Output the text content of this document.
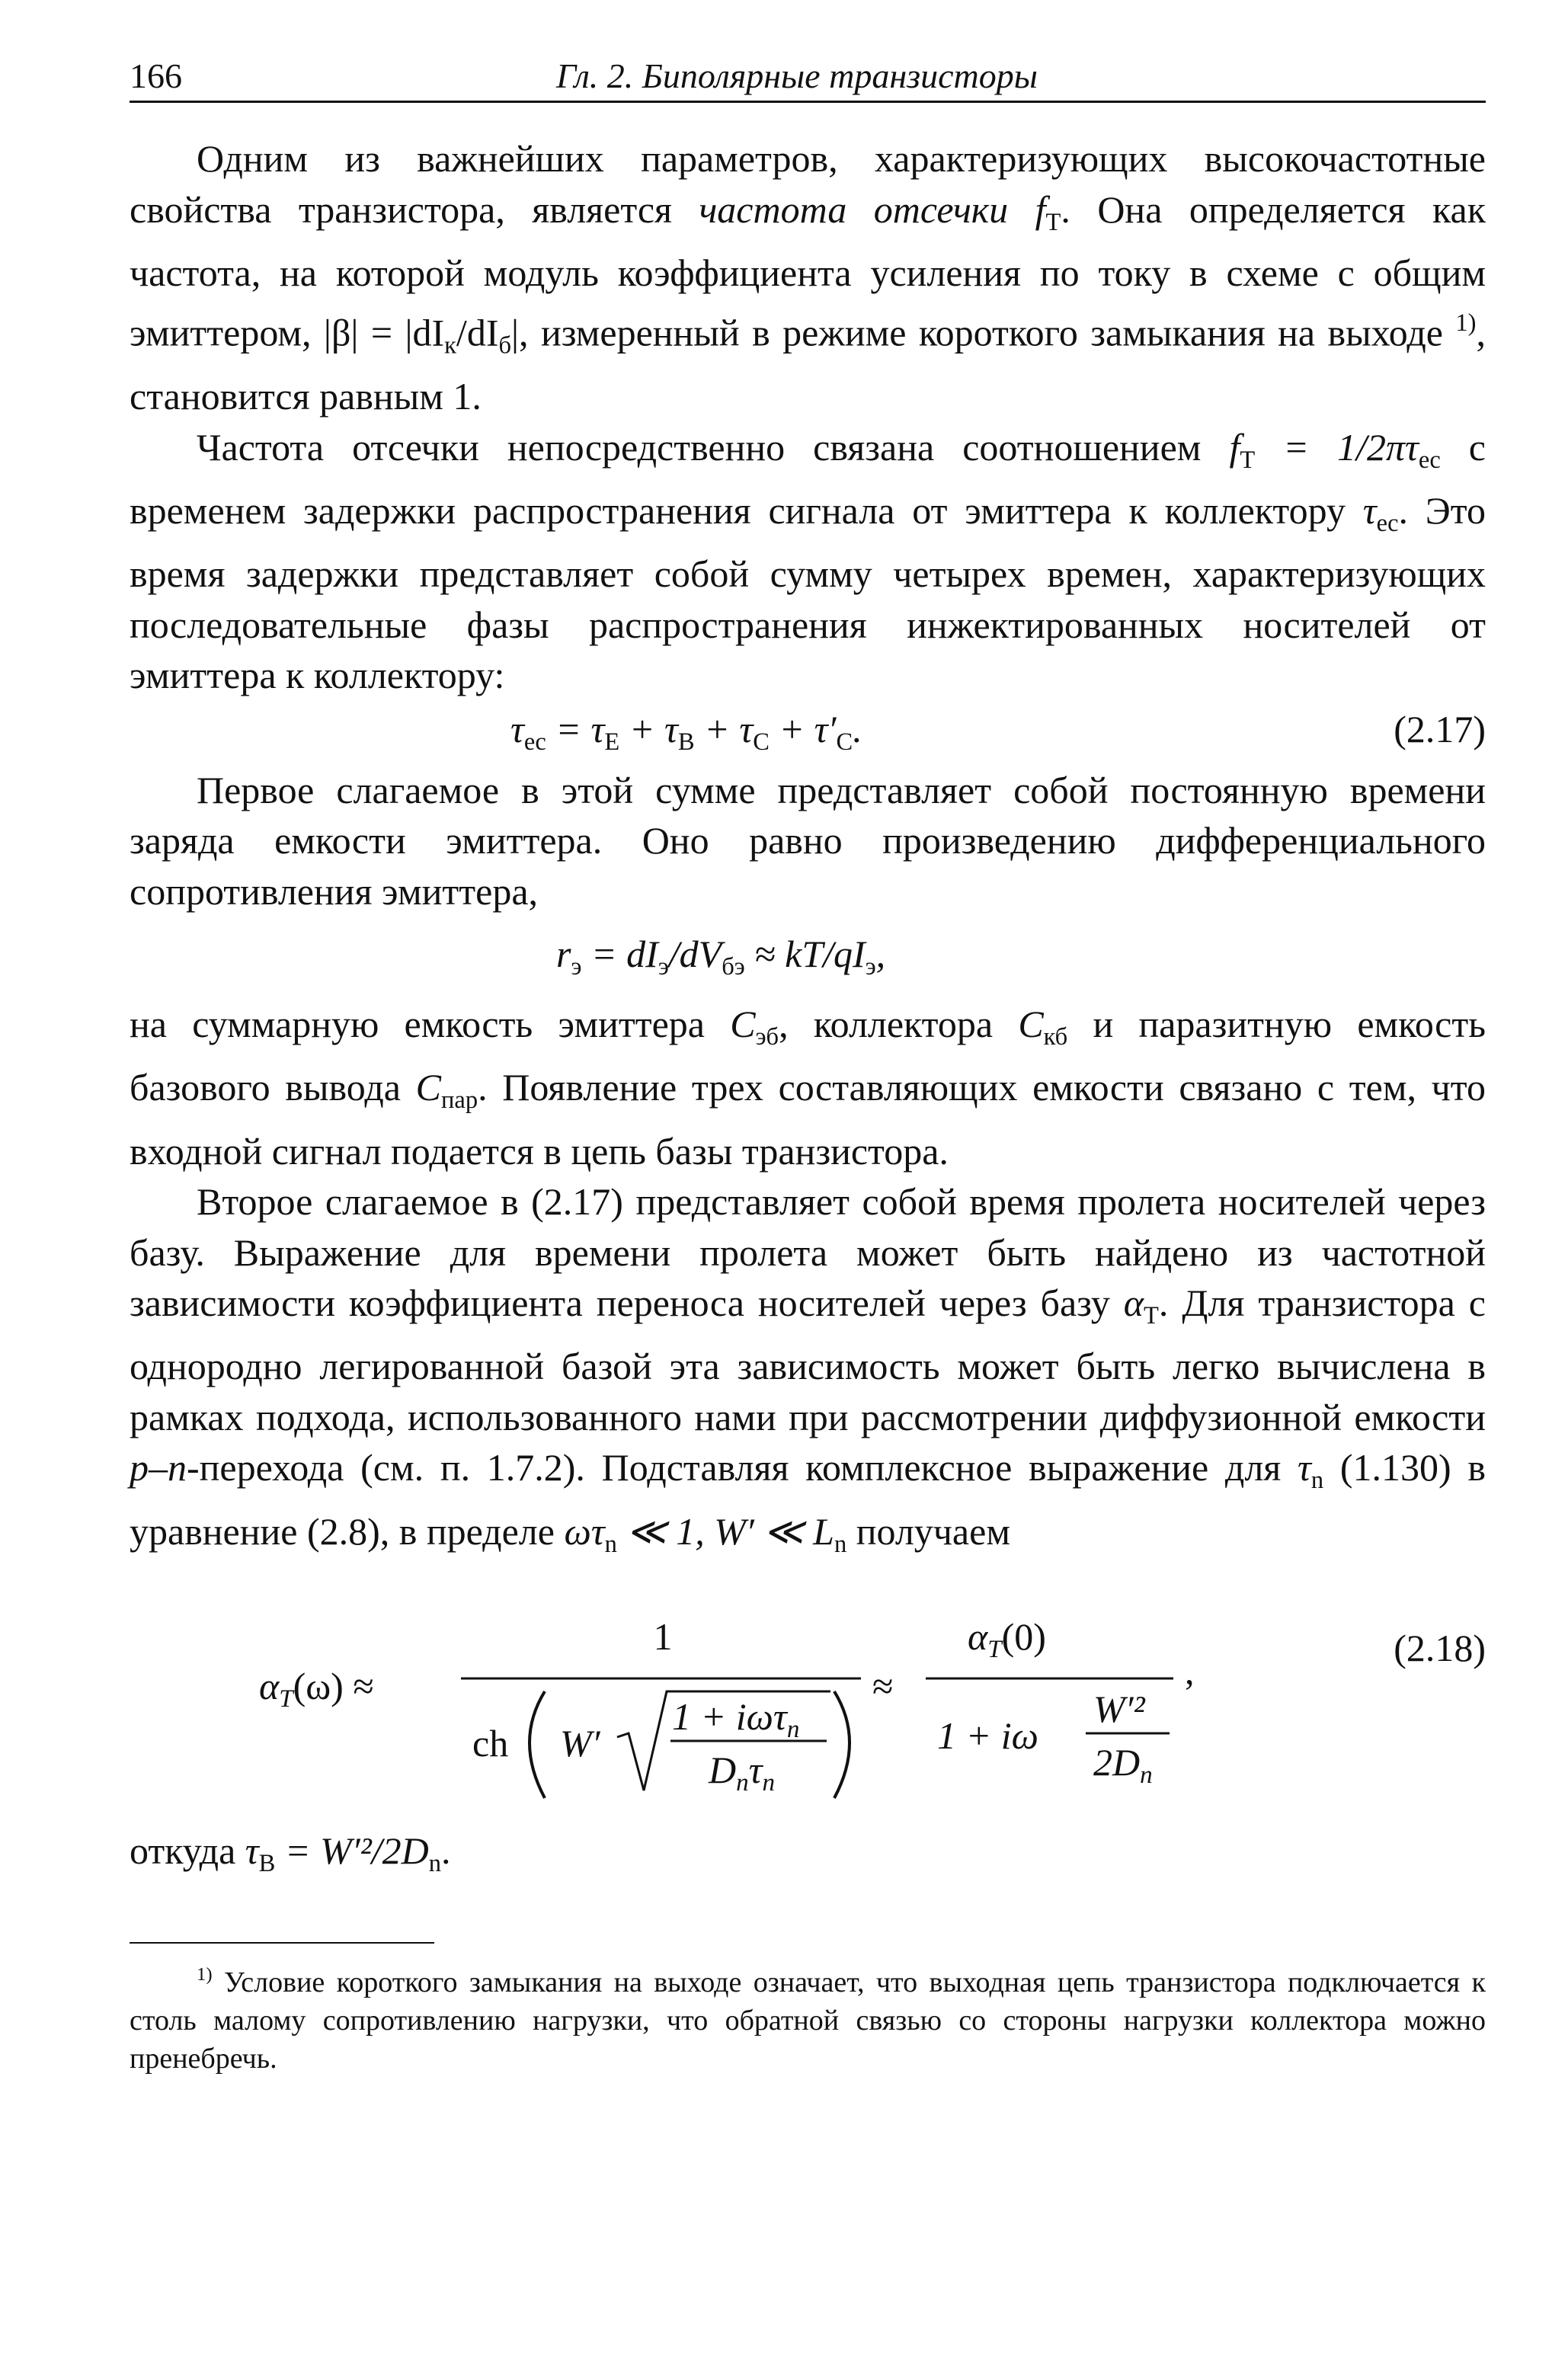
166	Гл. 2. Биполярные транзисторы

Одним из важнейших параметров, характеризующих высокочастотные свойства транзистора, является частота отсечки $f_T$. Она определяется как частота, на которой модуль коэффициента усиления по току в схеме с общим эмиттером, $|\beta| = |dI_к/dI_б|$, измеренный в режиме короткого замыкания на выходе $^{1)}$, становится равным 1.

Частота отсечки непосредственно связана соотношением $f_T = 1/2\pi\tau_{ec}$ с временем задержки распространения сигнала от эмиттера к коллектору $\tau_{ec}$. Это время задержки представляет собой сумму четырех времен, характеризующих последовательные фазы распространения инжектированных носителей от эмиттера к коллектору:

$\tau_{ec} = \tau_E + \tau_B + \tau_C + \tau'_C$.	(2.17)

Первое слагаемое в этой сумме представляет собой постоянную времени заряда емкости эмиттера. Оно равно произведению дифференциального сопротивления эмиттера,

$r_э = dI_э/dV_{бэ} \approx kT/qI_э$,

на суммарную емкость эмиттера $C_{эб}$, коллектора $C_{кб}$ и паразитную емкость базового вывода $C_{пар}$. Появление трех составляющих емкости связано с тем, что входной сигнал подается в цепь базы транзистора.

Второе слагаемое в (2.17) представляет собой время пролета носителей через базу. Выражение для времени пролета может быть найдено из частотной зависимости коэффициента переноса носителей через базу $\alpha_T$. Для транзистора с однородно легированной базой эта зависимость может быть легко вычислена в рамках подхода, использованного нами при рассмотрении диффузионной емкости p–n-перехода (см. п. 1.7.2). Подставляя комплексное выражение для $\tau_n$ (1.130) в уравнение (2.8), в пределе $\omega\tau_n$ ≪ 1, W′ ≪ $L_n$ получаем

$\alpha_T(\omega)$ ≈
1
ch W′
1 + iωτ$_n$
$D_n\tau_n$
≈
$\alpha_T(0)$
1 + iω
W′²
$2D_n$
,
(2.18)

откуда $\tau_B = W'^2/2D_n$.

$^{1)}$ Условие короткого замыкания на выходе означает, что выходная цепь транзистора подключается к столь малому сопротивлению нагрузки, что обратной связью со стороны нагрузки коллектора можно пренебречь.
